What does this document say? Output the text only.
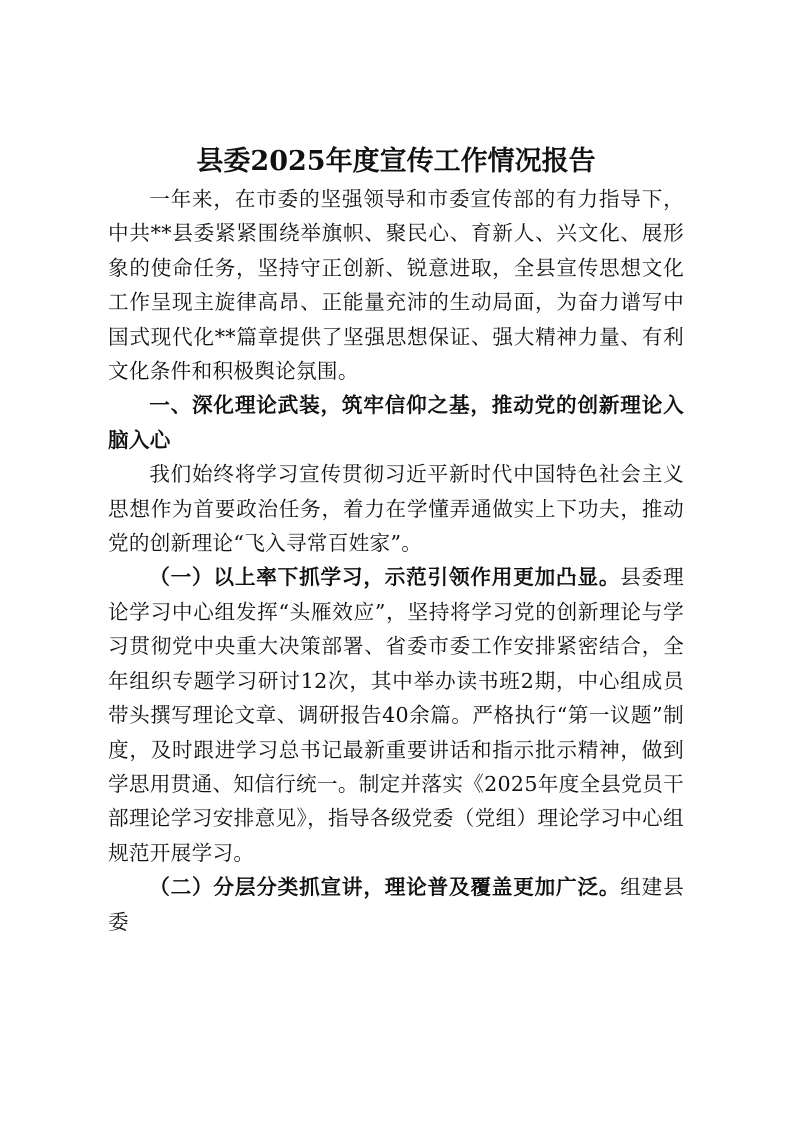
县委2025年度宣传工作情况报告

一年来，在市委的坚强领导和市委宣传部的有力指导下，中共**县委紧紧围绕举旗帜、聚民心、育新人、兴文化、展形象的使命任务，坚持守正创新、锐意进取，全县宣传思想文化工作呈现主旋律高昂、正能量充沛的生动局面，为奋力谱写中国式现代化**篇章提供了坚强思想保证、强大精神力量、有利文化条件和积极舆论氛围。

一、深化理论武装，筑牢信仰之基，推动党的创新理论入脑入心

我们始终将学习宣传贯彻习近平新时代中国特色社会主义思想作为首要政治任务，着力在学懂弄通做实上下功夫，推动党的创新理论“飞入寻常百姓家”。

（一）以上率下抓学习，示范引领作用更加凸显。县委理论学习中心组发挥“头雁效应”，坚持将学习党的创新理论与学习贯彻党中央重大决策部署、省委市委工作安排紧密结合，全年组织专题学习研讨12次，其中举办读书班2期，中心组成员带头撰写理论文章、调研报告40余篇。严格执行“第一议题”制度，及时跟进学习总书记最新重要讲话和指示批示精神，做到学思用贯通、知信行统一。制定并落实《2025年度全县党员干部理论学习安排意见》，指导各级党委（党组）理论学习中心组规范开展学习。

（二）分层分类抓宣讲，理论普及覆盖更加广泛。组建县委
